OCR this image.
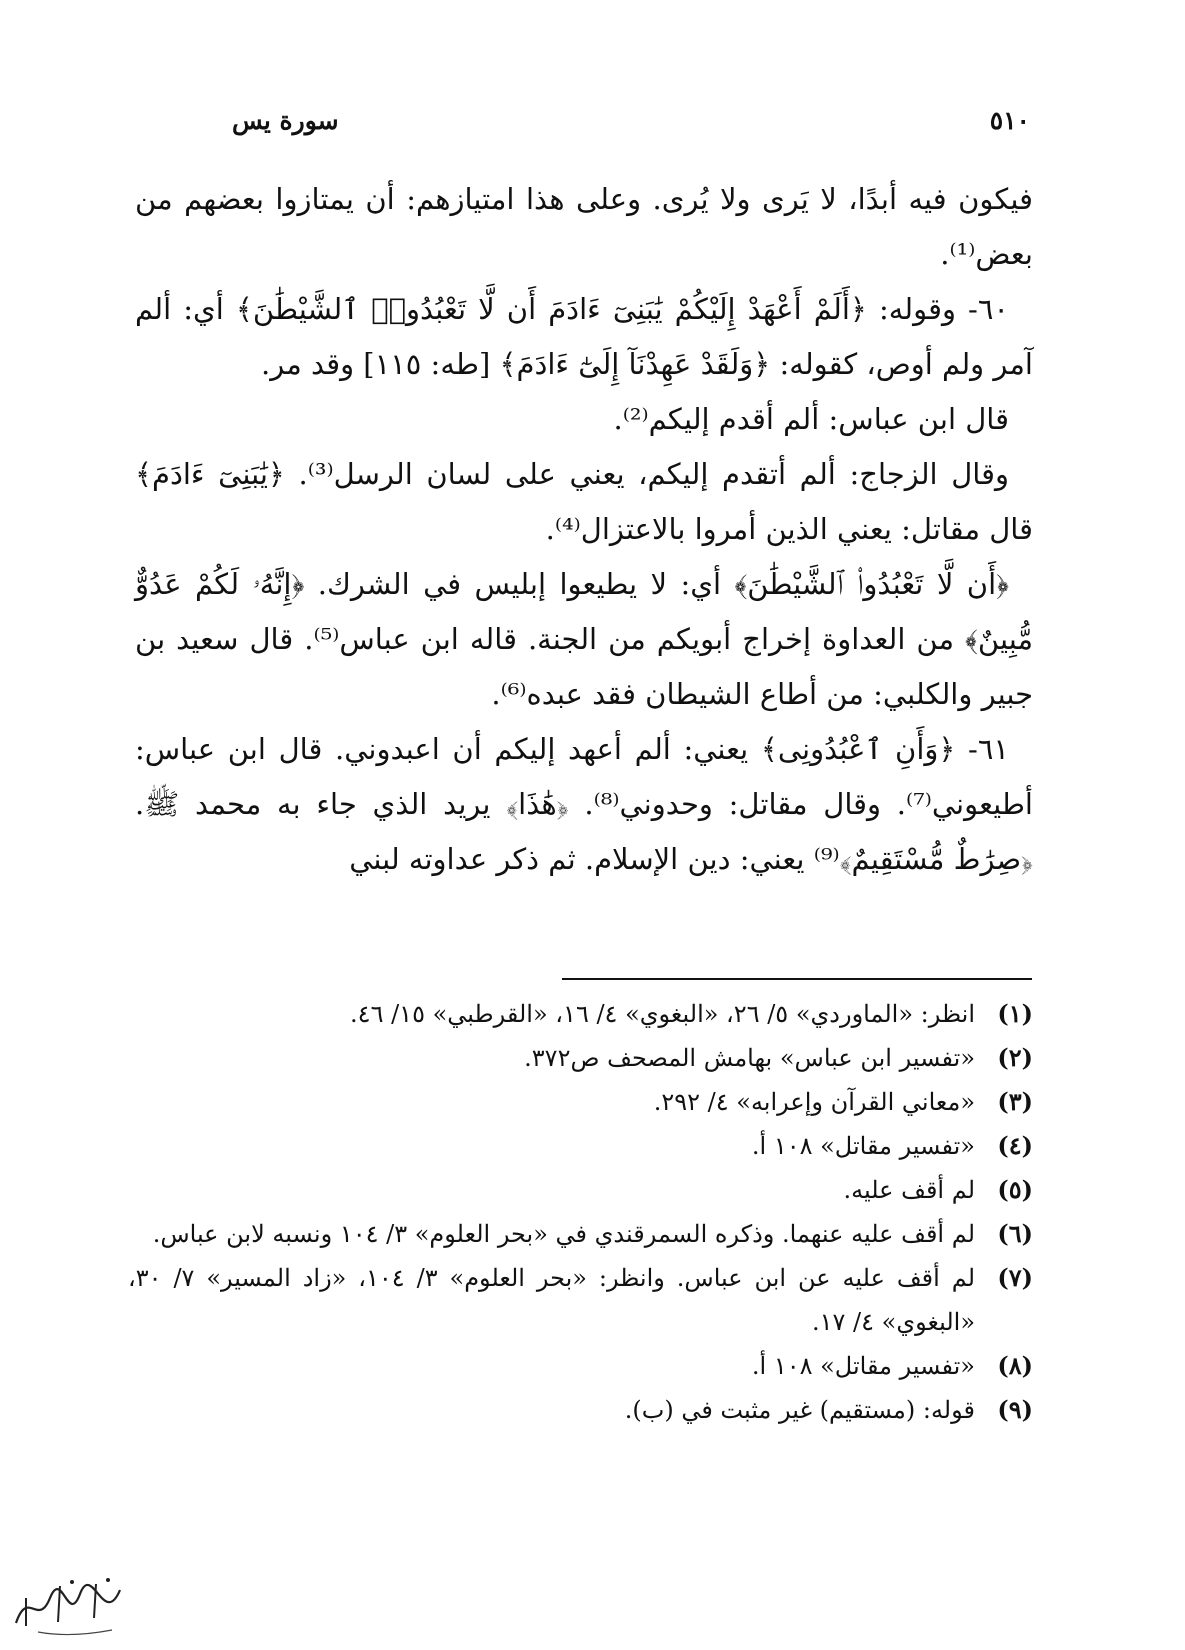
سورة يس	٥١٠

فيكون فيه أبدًا، لا يَرى ولا يُرى. وعلى هذا امتيازهم: أن يمتازوا بعضهم من بعض⁽¹⁾.

٦٠- وقوله: ﴿أَلَمْ أَعْهَدْ إِلَيْكُمْ يَٰبَنِىٓ ءَادَمَ أَن لَّا تَعْبُدُوا۟ ٱلشَّيْطَٰنَ﴾ أي: ألم آمر ولم أوص، كقوله: ﴿وَلَقَدْ عَهِدْنَآ إِلَىٰٓ ءَادَمَ﴾ [طه: ١١٥] وقد مر.

قال ابن عباس: ألم أقدم إليكم⁽²⁾.

وقال الزجاج: ألم أتقدم إليكم، يعني على لسان الرسل⁽³⁾. ﴿يَٰبَنِىٓ ءَادَمَ﴾ قال مقاتل: يعني الذين أمروا بالاعتزال⁽⁴⁾.

﴿أَن لَّا تَعْبُدُوا۟ ٱلشَّيْطَٰنَ﴾ أي: لا يطيعوا إبليس في الشرك. ﴿إِنَّهُۥ لَكُمْ عَدُوٌّ مُّبِينٌ﴾ من العداوة إخراج أبويكم من الجنة. قاله ابن عباس⁽⁵⁾. قال سعيد بن جبير والكلبي: من أطاع الشيطان فقد عبده⁽⁶⁾.

٦١- ﴿وَأَنِ ٱعْبُدُونِى﴾ يعني: ألم أعهد إليكم أن اعبدوني. قال ابن عباس: أطيعوني⁽⁷⁾. وقال مقاتل: وحدوني⁽⁸⁾. ﴿هَٰذَا﴾ يريد الذي جاء به محمد ﷺ. ﴿صِرَٰطٌ مُّسْتَقِيمٌ﴾⁽⁹⁾ يعني: دين الإسلام. ثم ذكر عداوته لبني

(١)
انظر: «الماوردي» ٥/ ٢٦، «البغوي» ٤/ ١٦، «القرطبي» ١٥/ ٤٦.
(٢)
«تفسير ابن عباس» بهامش المصحف ص٣٧٢.
(٣)
«معاني القرآن وإعرابه» ٤/ ٢٩٢.
(٤)
«تفسير مقاتل» ١٠٨ أ.
(٥)
لم أقف عليه.
(٦)
لم أقف عليه عنهما. وذكره السمرقندي في «بحر العلوم» ٣/ ١٠٤ ونسبه لابن عباس.
(٧)
لم أقف عليه عن ابن عباس. وانظر: «بحر العلوم» ٣/ ١٠٤، «زاد المسير» ٧/ ٣٠، «البغوي» ٤/ ١٧.
(٨)
«تفسير مقاتل» ١٠٨ أ.
(٩)
قوله: (مستقيم) غير مثبت في (ب).
